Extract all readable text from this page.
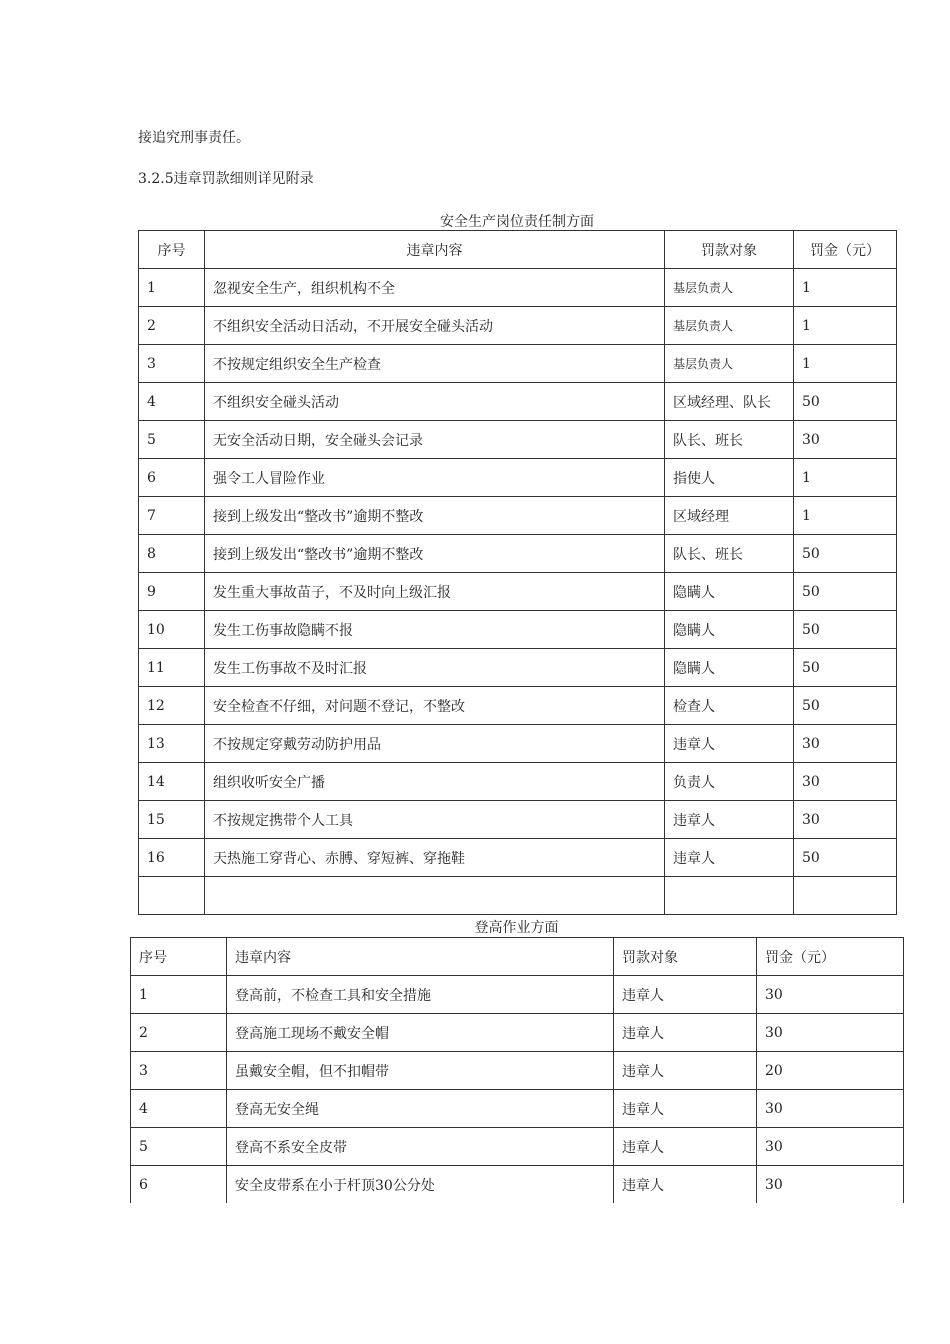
接追究刑事责任。
3.2.5违章罚款细则详见附录
安全生产岗位责任制方面
序号	违章内容	罚款对象	罚金（元）
1	忽视安全生产，组织机构不全	基层负责人	1
2	不组织安全活动日活动，不开展安全碰头活动	基层负责人	1
3	不按规定组织安全生产检查	基层负责人	1
4	不组织安全碰头活动	区域经理、队长	50
5	无安全活动日期，安全碰头会记录	队长、班长	30
6	强令工人冒险作业	指使人	1
7	接到上级发出“整改书”逾期不整改	区域经理	1
8	接到上级发出“整改书”逾期不整改	队长、班长	50
9	发生重大事故苗子，不及时向上级汇报	隐瞒人	50
10	发生工伤事故隐瞒不报	隐瞒人	50
11	发生工伤事故不及时汇报	隐瞒人	50
12	安全检查不仔细，对问题不登记，不整改	检查人	50
13	不按规定穿戴劳动防护用品	违章人	30
14	组织收听安全广播	负责人	30
15	不按规定携带个人工具	违章人	30
16	天热施工穿背心、赤膊、穿短裤、穿拖鞋	违章人	50

登高作业方面
序号	违章内容	罚款对象	罚金（元）
1	登高前，不检查工具和安全措施	违章人	30
2	登高施工现场不戴安全帽	违章人	30
3	虽戴安全帽，但不扣帽带	违章人	20
4	登高无安全绳	违章人	30
5	登高不系安全皮带	违章人	30
6	安全皮带系在小于杆顶30公分处	违章人	30
